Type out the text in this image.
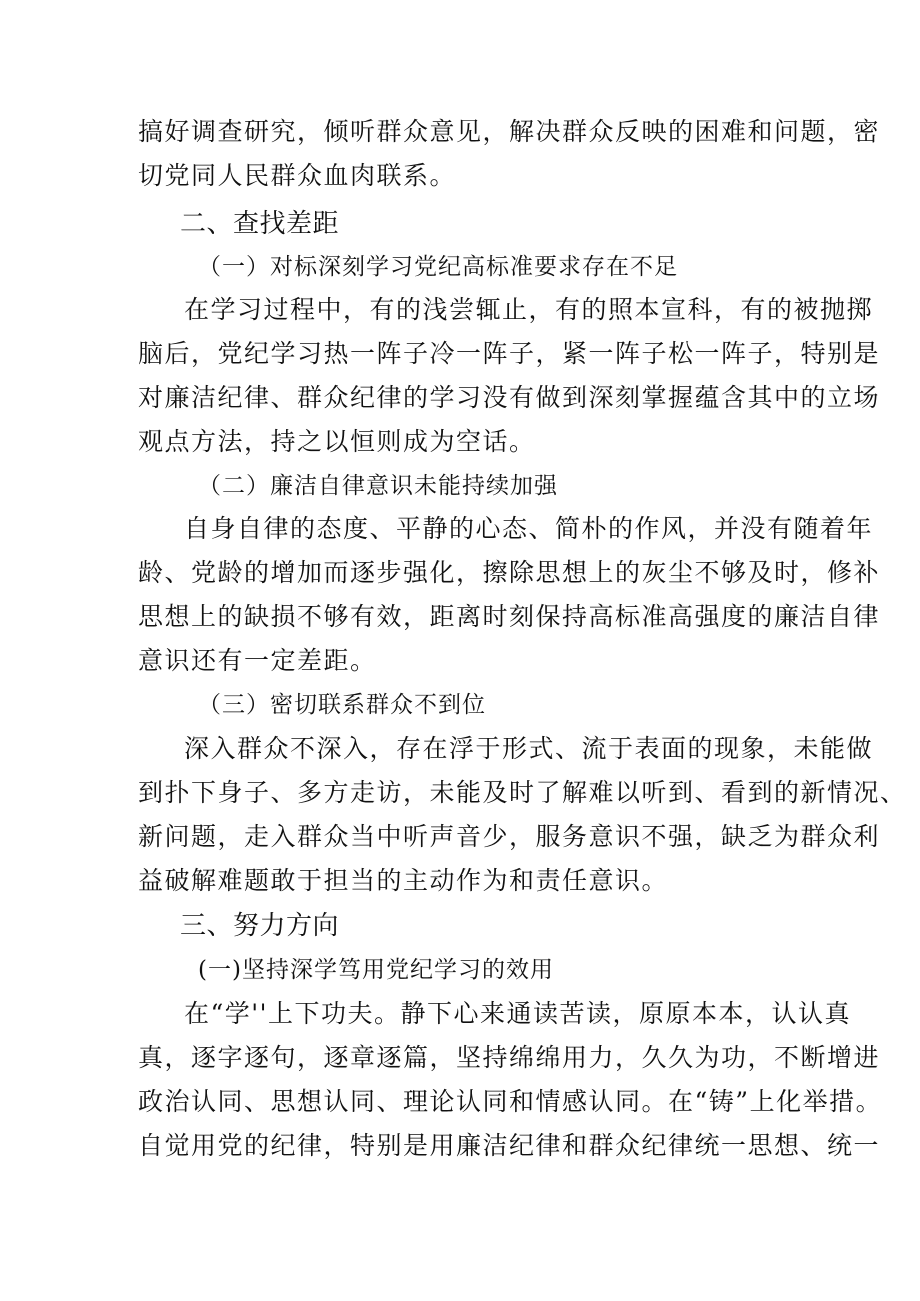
搞好调查研究，倾听群众意见，解决群众反映的困难和问题，密
切党同人民群众血肉联系。
二、查找差距
（一）对标深刻学习党纪高标准要求存在不足
在学习过程中，有的浅尝辄止，有的照本宣科，有的被抛掷
脑后，党纪学习热一阵子冷一阵子，紧一阵子松一阵子，特别是
对廉洁纪律、群众纪律的学习没有做到深刻掌握蕴含其中的立场
观点方法，持之以恒则成为空话。
（二）廉洁自律意识未能持续加强
自身自律的态度、平静的心态、简朴的作风，并没有随着年
龄、党龄的增加而逐步强化，擦除思想上的灰尘不够及时，修补
思想上的缺损不够有效，距离时刻保持高标准高强度的廉洁自律
意识还有一定差距。
（三）密切联系群众不到位
深入群众不深入，存在浮于形式、流于表面的现象，未能做
到扑下身子、多方走访，未能及时了解难以听到、看到的新情况、
新问题，走入群众当中听声音少，服务意识不强，缺乏为群众利
益破解难题敢于担当的主动作为和责任意识。
三、努力方向
(一)坚持深学笃用党纪学习的效用
在“学''上下功夫。静下心来通读苦读，原原本本，认认真
真，逐字逐句，逐章逐篇，坚持绵绵用力，久久为功，不断增进
政治认同、思想认同、理论认同和情感认同。在“铸”上化举措。
自觉用党的纪律，特别是用廉洁纪律和群众纪律统一思想、统一
